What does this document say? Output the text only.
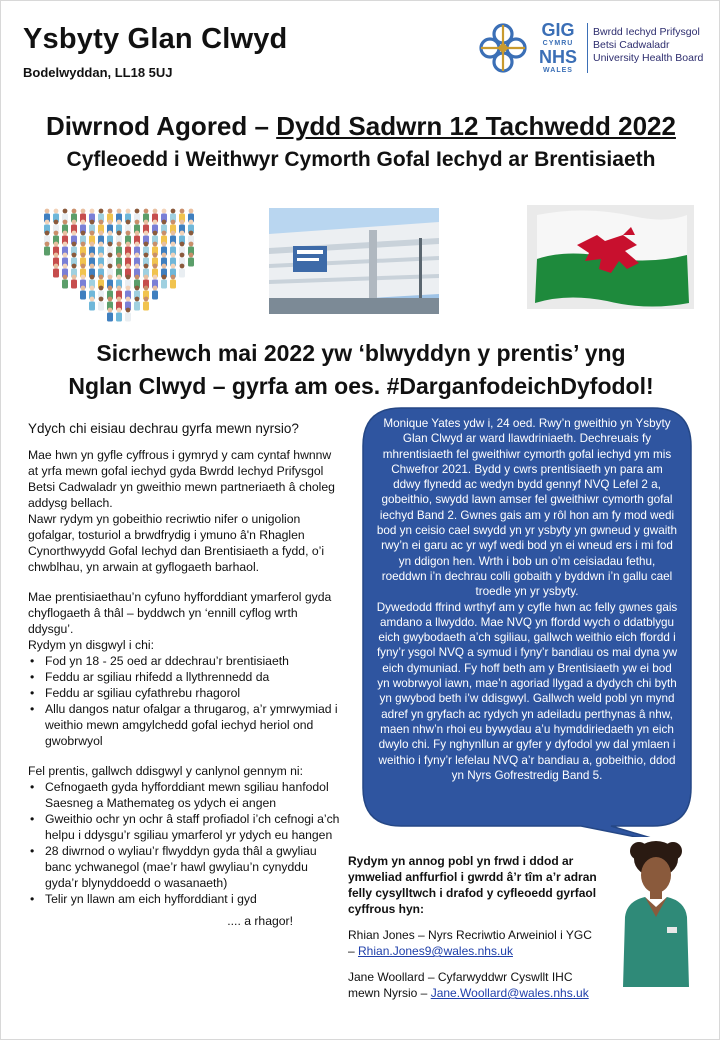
Ysbyty Glan Clwyd
Bodelwyddan, LL18 5UJ
GIG
CYMRU
NHS
WALES
Bwrdd Iechyd Prifysgol
Betsi Cadwaladr
University Health Board
Diwrnod Agored – Dydd Sadwrn 12 Tachwedd 2022
Cyfleoedd i Weithwyr Cymorth Gofal Iechyd ar Brentisiaeth
Sicrhewch mai 2022 yw ‘blwyddyn y prentis’ yng
Nglan Clwyd – gyrfa am oes. #DarganfodeichDyfodol!
Ydych chi eisiau dechrau gyrfa mewn nyrsio?

Mae hwn yn gyfle cyffrous i gymryd y cam cyntaf hwnnw at yrfa mewn gofal iechyd gyda Bwrdd Iechyd Prifysgol Betsi Cadwaladr yn gweithio mewn partneriaeth â choleg addysg bellach.

Nawr rydym yn gobeithio recriwtio nifer o unigolion gofalgar, tosturiol a brwdfrydig i ymuno â'n Rhaglen Cynorthwyydd Gofal Iechyd dan Brentisiaeth a fydd, o’i chwblhau, yn arwain at gyflogaeth barhaol.

Mae prentisiaethau’n cyfuno hyfforddiant ymarferol gyda chyflogaeth â thâl – byddwch yn ‘ennill cyflog wrth ddysgu’.

Rydym yn disgwyl i chi:

• Fod yn 18 - 25 oed ar ddechrau’r brentisiaeth
• Feddu ar sgiliau rhifedd a llythrennedd da
• Feddu ar sgiliau cyfathrebu rhagorol
• Allu dangos natur ofalgar a thrugarog, a’r ymrwymiad i weithio mewn amgylchedd gofal iechyd heriol ond gwobrwyol

Fel prentis, gallwch ddisgwyl y canlynol gennym ni:

• Cefnogaeth gyda hyfforddiant mewn sgiliau hanfodol Saesneg a Mathemateg os ydych ei angen
• Gweithio ochr yn ochr â staff profiadol i’ch cefnogi a’ch helpu i ddysgu’r sgiliau ymarferol yr ydych eu hangen
• 28 diwrnod o wyliau’r flwyddyn gyda thâl a gwyliau banc ychwanegol (mae’r hawl gwyliau’n cynyddu gyda’r blynyddoedd o wasanaeth)
• Telir yn llawn am eich hyfforddiant i gyd
.... a rhagor!

Monique Yates ydw i, 24 oed. Rwy’n gweithio yn Ysbyty Glan Clwyd ar ward llawdriniaeth. Dechreuais fy mhrentisiaeth fel gweithiwr cymorth gofal iechyd ym mis Chwefror 2021. Bydd y cwrs prentisiaeth yn para am ddwy flynedd ac wedyn bydd gennyf NVQ Lefel 2 a, gobeithio, swydd lawn amser fel gweithiwr cymorth gofal iechyd Band 2. Gwnes gais am y rôl hon am fy mod wedi bod yn ceisio cael swydd yn yr ysbyty yn gwneud y gwaith rwy’n ei garu ac yr wyf wedi bod yn ei wneud ers i mi fod yn ddigon hen. Wrth i bob un o’m ceisiadau fethu, roeddwn i’n dechrau colli gobaith y byddwn i’n gallu cael troedle yn yr ysbyty.

Dywedodd ffrind wrthyf am y cyfle hwn ac felly gwnes gais amdano a llwyddo. Mae NVQ yn ffordd wych o ddatblygu eich gwybodaeth a’ch sgiliau, gallwch weithio eich ffordd i fyny’r ysgol NVQ a symud i fyny’r bandiau os mai dyna yw eich dymuniad. Fy hoff beth am y Brentisiaeth yw ei bod yn wobrwyol iawn, mae’n agoriad llygad a dydych chi byth yn gwybod beth i’w ddisgwyl. Gallwch weld pobl yn mynd adref yn gryfach ac rydych yn adeiladu perthynas â nhw, maen nhw’n rhoi eu bywydau a’u hymddiriedaeth yn eich dwylo chi. Fy nghynllun ar gyfer y dyfodol yw dal ymlaen i weithio i fyny’r lefelau NVQ a’r bandiau a, gobeithio, ddod yn Nyrs Gofrestredig Band 5.

Rydym yn annog pobl yn frwd i ddod ar ymweliad anffurfiol i gwrdd â’r tîm a’r adran felly cysylltwch i drafod y cyfleoedd gyrfaol cyffrous hyn:

Rhian Jones – Nyrs Recriwtio Arweiniol i YGC – Rhian.Jones9@wales.nhs.uk

Jane Woollard – Cyfarwyddwr Cyswllt IHC mewn Nyrsio – Jane.Woollard@wales.nhs.uk
